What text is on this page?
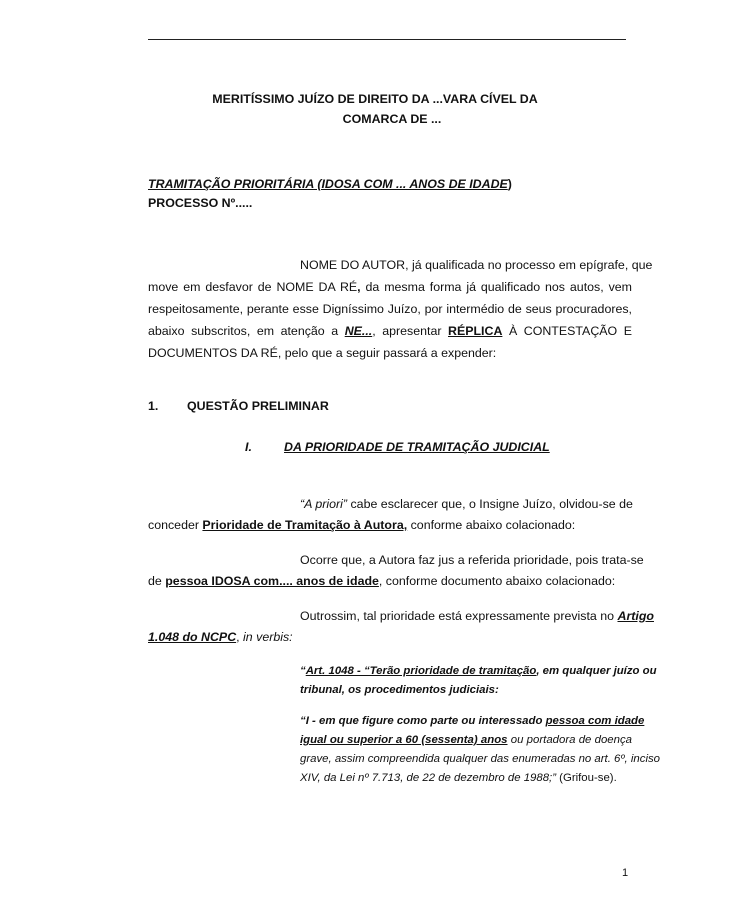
MERITÍSSIMO JUÍZO DE DIREITO DA ...VARA CÍVEL DA
COMARCA DE ...
TRAMITAÇÃO PRIORITÁRIA (IDOSA COM ... ANOS DE IDADE)
PROCESSO Nº.....
NOME DO AUTOR, já qualificada no processo em epígrafe, que
move em desfavor de NOME DA RÉ, da mesma forma já qualificado nos autos, vem
respeitosamente, perante esse Digníssimo Juízo, por intermédio de seus procuradores,
abaixo subscritos, em atenção a NE..., apresentar RÉPLICA À CONTESTAÇÃO E
DOCUMENTOS DA RÉ, pelo que a seguir passará a expender:
1. QUESTÃO PRELIMINAR
I.	DA PRIORIDADE DE TRAMITAÇÃO JUDICIAL
“A priori” cabe esclarecer que, o Insigne Juízo, olvidou-se de
conceder Prioridade de Tramitação à Autora, conforme abaixo colacionado:
Ocorre que, a Autora faz jus a referida prioridade, pois trata-se
de pessoa IDOSA com.... anos de idade, conforme documento abaixo colacionado:
Outrossim, tal prioridade está expressamente prevista no Artigo
1.048 do NCPC, in verbis:
“Art. 1048 - “Terão prioridade de tramitação, em qualquer juízo ou
tribunal, os procedimentos judiciais:
“I - em que figure como parte ou interessado pessoa com idade
igual ou superior a 60 (sessenta) anos ou portadora de doença
grave, assim compreendida qualquer das enumeradas no art. 6º, inciso
XIV, da Lei nº 7.713, de 22 de dezembro de 1988;” (Grifou-se).
1
